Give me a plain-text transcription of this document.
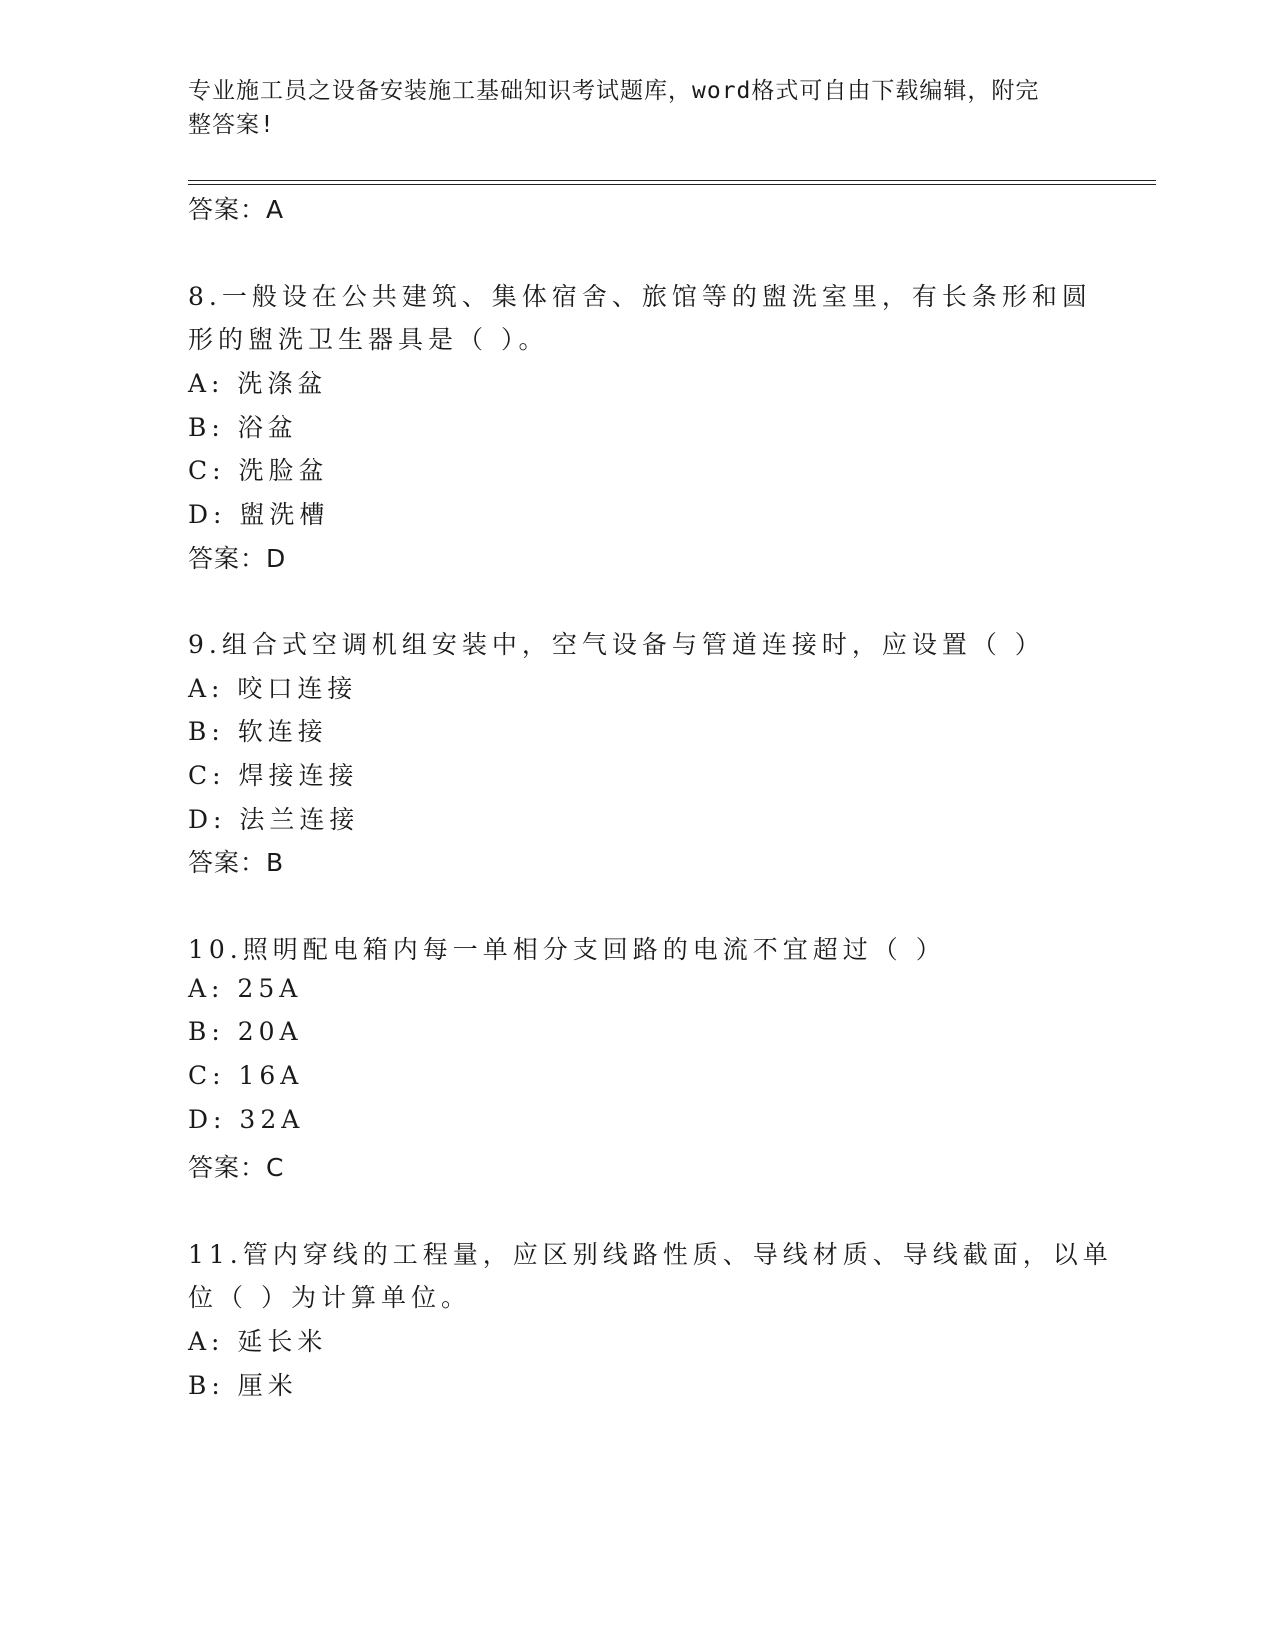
专业施工员之设备安装施工基础知识考试题库，word格式可自由下载编辑，附完
整答案!
答案：A
8.一般设在公共建筑、集体宿舍、旅馆等的盥洗室里，有长条形和圆
形的盥洗卫生器具是（ ）。
A: 洗涤盆
B: 浴盆
C: 洗脸盆
D: 盥洗槽
答案：D
9.组合式空调机组安装中，空气设备与管道连接时，应设置（ ）
A: 咬口连接
B: 软连接
C: 焊接连接
D: 法兰连接
答案：B
10.照明配电箱内每一单相分支回路的电流不宜超过（ ）
A: 25A
B: 20A
C: 16A
D: 32A
答案：C
11.管内穿线的工程量，应区别线路性质、导线材质、导线截面，以单
位（ ）为计算单位。
A: 延长米
B: 厘米
